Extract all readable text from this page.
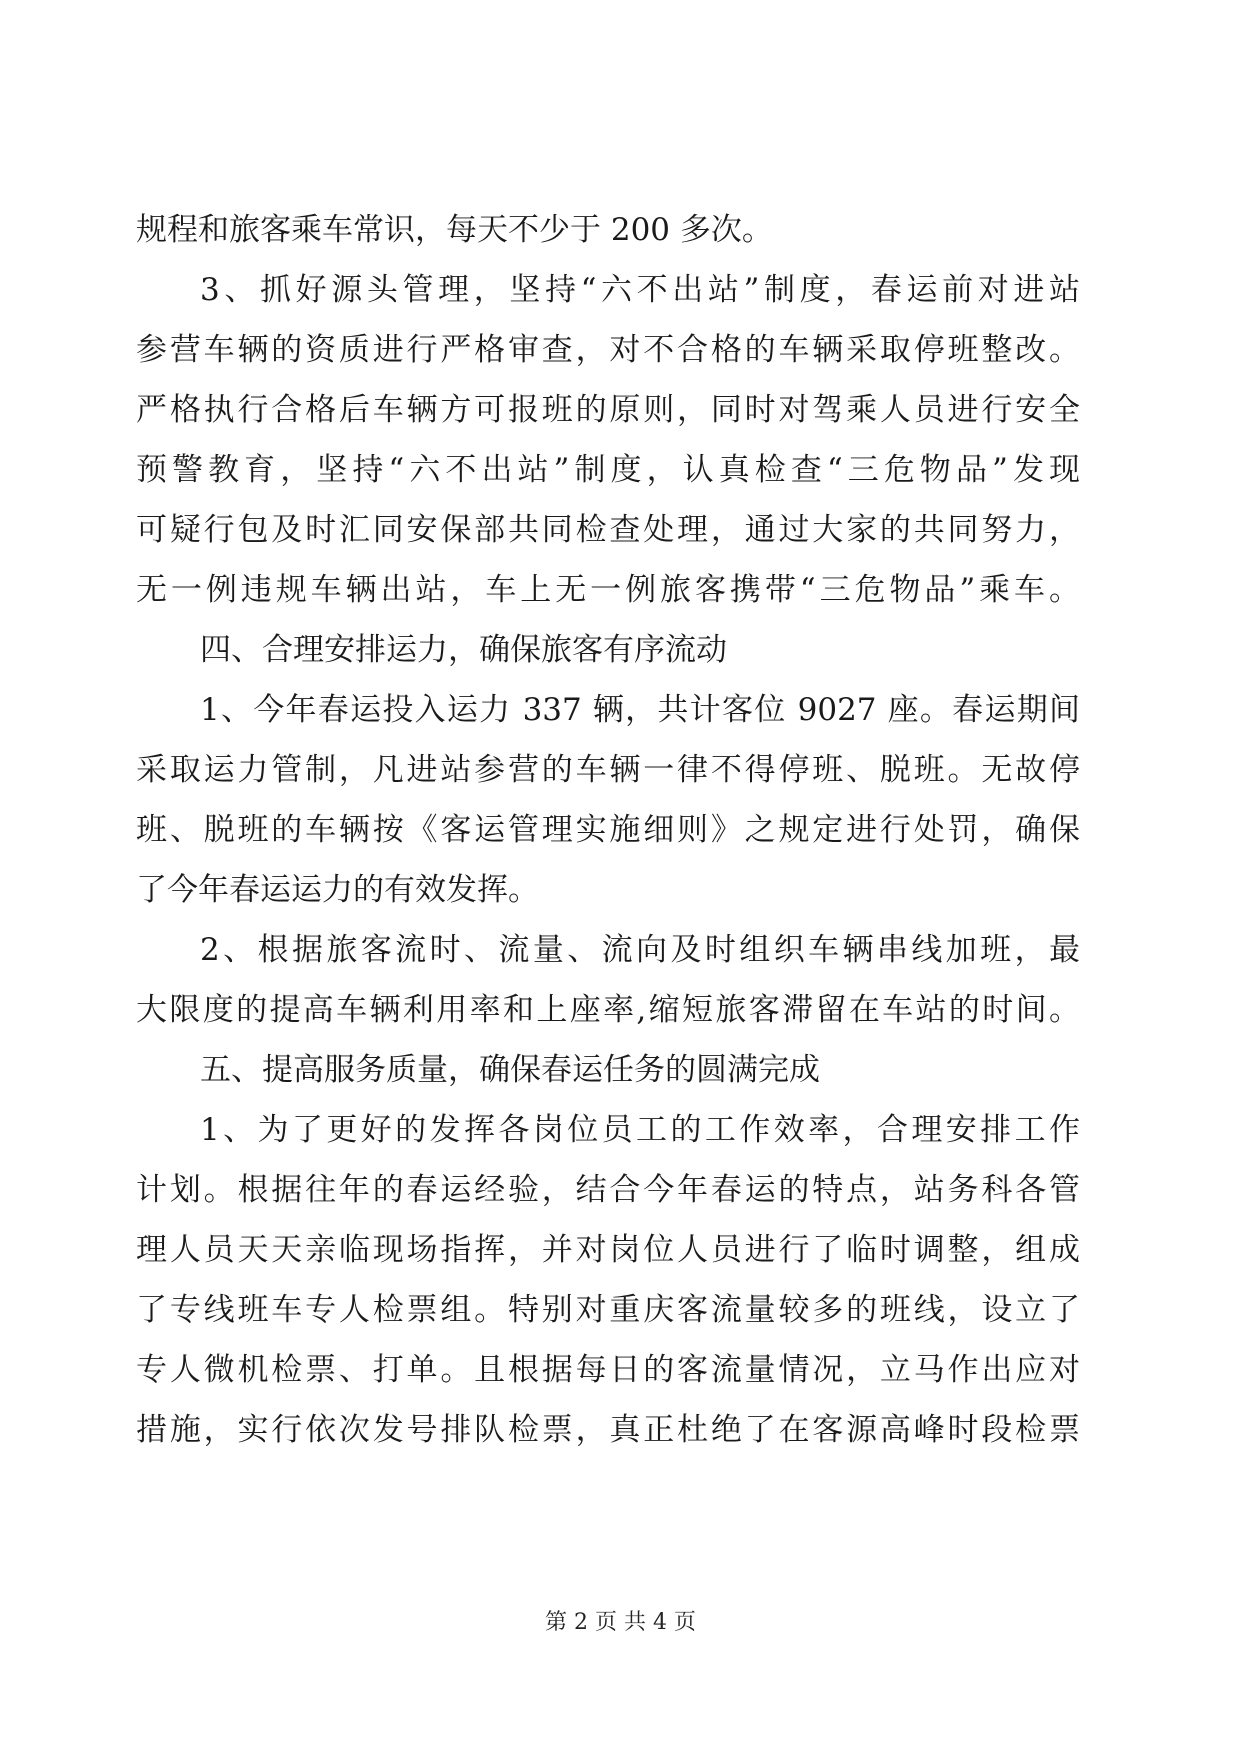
规程和旅客乘车常识，每天不少于 200 多次。
3、抓好源头管理，坚持“六不出站”制度，春运前对进站
参营车辆的资质进行严格审查，对不合格的车辆采取停班整改。
严格执行合格后车辆方可报班的原则，同时对驾乘人员进行安全
预警教育，坚持“六不出站”制度，认真检查“三危物品”发现
可疑行包及时汇同安保部共同检查处理，通过大家的共同努力，
无一例违规车辆出站，车上无一例旅客携带“三危物品”乘车。
四、合理安排运力，确保旅客有序流动
1、今年春运投入运力 337 辆，共计客位 9027 座。春运期间
采取运力管制，凡进站参营的车辆一律不得停班、脱班。无故停
班、脱班的车辆按《客运管理实施细则》之规定进行处罚，确保
了今年春运运力的有效发挥。
2、根据旅客流时、流量、流向及时组织车辆串线加班，最
大限度的提高车辆利用率和上座率,缩短旅客滞留在车站的时间。
五、提高服务质量，确保春运任务的圆满完成
1、为了更好的发挥各岗位员工的工作效率，合理安排工作
计划。根据往年的春运经验，结合今年春运的特点，站务科各管
理人员天天亲临现场指挥，并对岗位人员进行了临时调整，组成
了专线班车专人检票组。特别对重庆客流量较多的班线，设立了
专人微机检票、打单。且根据每日的客流量情况，立马作出应对
措施，实行依次发号排队检票，真正杜绝了在客源高峰时段检票
第 2 页 共 4 页
